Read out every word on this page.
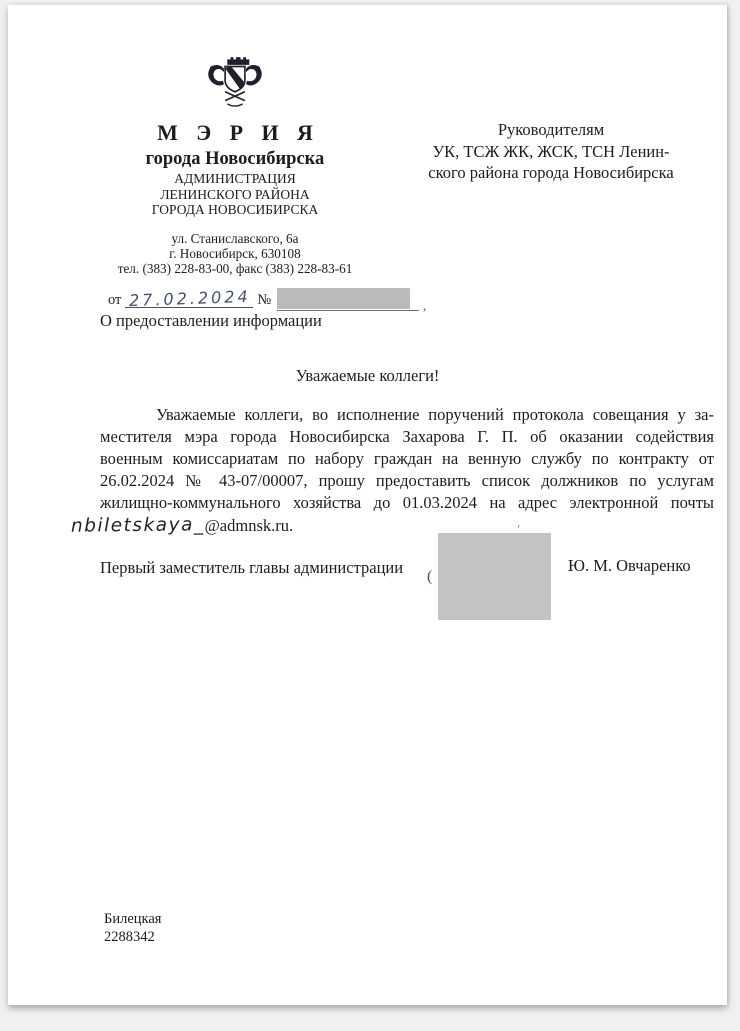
М Э Р И Я
города Новосибирска
АДМИНИСТРАЦИЯ
ЛЕНИНСКОГО РАЙОНА
ГОРОДА НОВОСИБИРСКА
ул. Станиславского, 6а
г. Новосибирск, 630108
тел. (383) 228-83-00, факс (383) 228-83-61
от 27.02.2024 №	,
Руководителям
УК, ТСЖ ЖК, ЖСК, ТСН Ленин-
ского района города Новосибирска
О предоставлении информации
Уважаемые коллеги!
Уважаемые коллеги, во исполнение поручений протокола совещания у за-
местителя мэра города Новосибирска Захарова Г. П. об оказании содействия
военным комиссариатам по набору граждан на венную службу по контракту от
26.02.2024 № 43-07/00007, прошу предоставить список должников по услугам
жилищно-коммунального хозяйства до 01.03.2024 на адрес электронной почты
nbiletskaya_@admnsk.ru.
Первый заместитель главы администрации (
ʻ
Ю. М. Овчаренко
Билецкая
2288342
